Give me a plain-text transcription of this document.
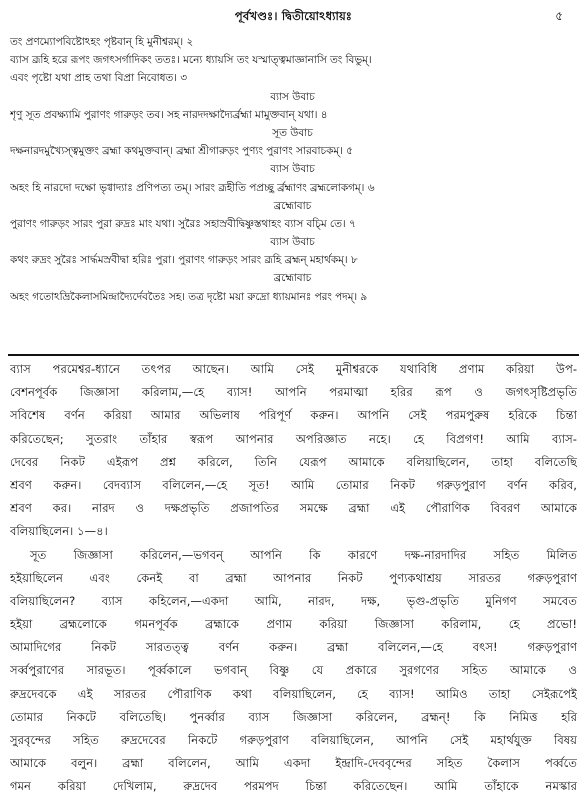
পূর্বখণ্ডঃ। দ্বিতীয়োঽধ্যায়ঃ	৫
তং প্রণম্যোপবিষ্টোঽহং পৃষ্টবান্ হি মুনীশ্বরম্। ২
ব্যাস ব্রূহি হরে রূপং জগৎসর্গাদিকং ততঃ। মন্যে ধ্যায়সি তং যস্মাত্ত্বমাজ্ঞানাসি তং বিভুম্।
এবং পৃষ্টো যথা প্রাহ তথা বিপ্রা নিবোধত। ৩
ব্যাস উবাচ
শৃণু সূত প্রবক্ষ্যামি পুরাণং গারুড়ং তব। সহ নারদদক্ষাদ্যৈর্ব্রহ্মা মামুক্তবান্ যথা। ৪
সূত উবাচ
দক্ষনারদমুখ্যৈস্ত্বমুক্তং ব্রহ্মা কথমুক্তবান্। ব্রহ্মা শ্রীগারুড়ং পুণ্যং পুরাণং সারবাচকম্। ৫
ব্যাস উবাচ
অহং হি নারদো দক্ষো ভৃগ্বাদ্যাঃ প্রণিপত্য তম্। সারং ব্রূহীতি পপ্রচ্ছু র্ব্রহ্মাণং ব্রহ্মলোকগম্। ৬
ব্রহ্মোবাচ
পুরাণং গারুড়ং সারং পুরা রুদ্রঃ মাং যথা। সুরৈঃ সহাস্রবীদ্বিষ্ণুস্তথাহং ব্যাস বচ্মি তে। ৭
ব্যাস উবাচ
কথং রুদ্রং সুরৈঃ সার্দ্ধমস্রবীদ্বা হরিঃ পুরা। পুরাণং গারুড়ং সারং ব্রূহি ব্রহ্মন্ মহার্থকম্। ৮
ব্রহ্মোবাচ
অহং গতোঽভ্রিকৈলাসমিন্দ্রাদ্যৈর্দেবতৈঃ সহ। তত্র দৃষ্টো ময়া রুদ্রো ধ্যায়মানঃ পরং পদম্। ৯
ব্যাস পরমেশ্বর-ধ্যানে তৎপর আছেন। আমি সেই মুনীশ্বরকে যথাবিধি প্রণাম করিয়া উপ-
বেশনপূর্বক জিজ্ঞাসা করিলাম,—হে ব্যাস! আপনি পরমাত্মা হরির রূপ ও জগৎসৃষ্টিপ্রভৃতি
সবিশেষ বর্ণন করিয়া আমার অভিলাষ পরিপূর্ণ করুন। আপনি সেই পরমপুরুষ হরিকে চিন্তা
করিতেছেন; সুতরাং তাঁহার স্বরূপ আপনার অপরিজ্ঞাত নহে। হে বিপ্রগণ! আমি ব্যাস-
দেবের নিকট এইরূপ প্রশ্ন করিলে, তিনি যেরূপ আমাকে বলিয়াছিলেন, তাহা বলিতেছি
শ্রবণ করুন। বেদব্যাস বলিলেন,—হে সূত! আমি তোমার নিকট গরুড়পুরাণ বর্ণন করিব,
শ্রবণ কর। নারদ ও দক্ষপ্রভৃতি প্রজাপতির সমক্ষে ব্রহ্মা এই পৌরাণিক বিবরণ আমাকে
বলিয়াছিলেন। ১—৪।
সূত জিজ্ঞাসা করিলেন,—ভগবন্ আপনি কি কারণে দক্ষ-নারদাদির সহিত মিলিত
হইয়াছিলেন এবং কেনই বা ব্রহ্মা আপনার নিকট পুণ্যকথাশ্রয় সারতর গরুড়পুরাণ
বলিয়াছিলেন? ব্যাস কহিলেন,—একদা আমি, নারদ, দক্ষ, ভৃগু-প্রভৃতি মুনিগণ সমবেত
হইয়া ব্রহ্মলোকে গমনপূর্বক ব্রহ্মাকে প্রণাম করিয়া জিজ্ঞাসা করিলাম, হে প্রভো!
আমাদিগের নিকট সারতত্ত্ব বর্ণন করুন। ব্রহ্মা বলিলেন,—হে বৎস! গরুড়পুরাণ
সর্ব্বপুরাণের সারভূত। পূর্ব্বকালে ভগবান্ বিষ্ণু যে প্রকারে সুরগণের সহিত আমাকে ও
রুদ্রদেবকে এই সারতর পৌরাণিক কথা বলিয়াছিলেন, হে ব্যাস! আমিও তাহা সেইরূপেই
তোমার নিকটে বলিতেছি। পুনর্ব্বার ব্যাস জিজ্ঞাসা করিলেন, ব্রহ্মন্! কি নিমিত্ত হরি
সুরবৃন্দের সহিত রুদ্রদেবের নিকটে গরুড়পুরাণ বলিয়াছিলেন, আপনি সেই মহার্থযুক্ত বিষয়
আমাকে বলুন। ব্রহ্মা বলিলেন, আমি একদা ইন্দ্রাদি-দেববৃন্দের সহিত কৈলাস পর্ব্বতে
গমন করিয়া দেখিলাম, রুদ্রদেব পরমপদ চিন্তা করিতেছেন। আমি তাঁহাকে নমস্কার
